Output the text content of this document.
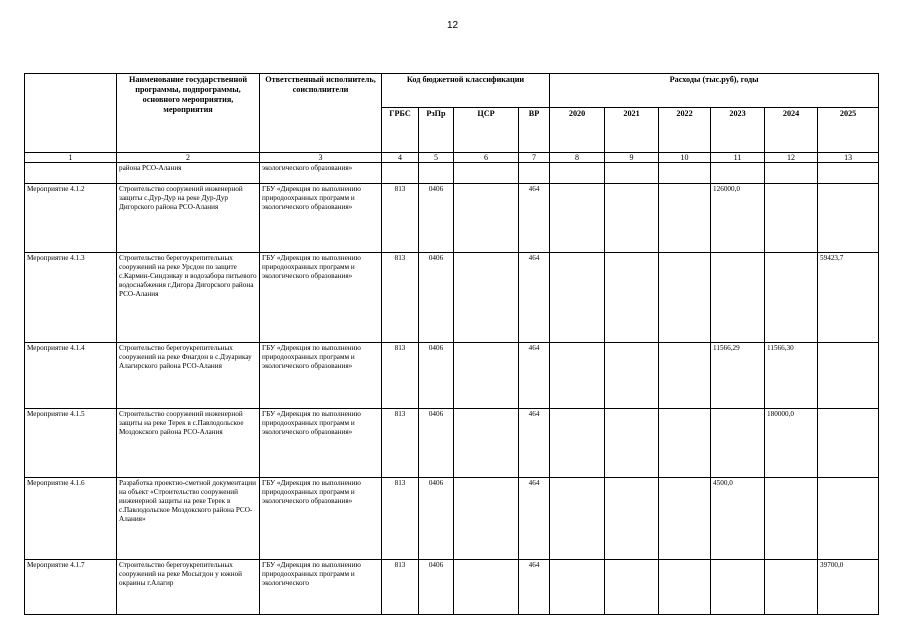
12
	Наименование государственной программы, подпрограммы, основного мероприятия, мероприятия	Ответственный исполнитель, соисполнители	Код бюджетной классификации				Расходы (тыс.руб), годы					
			ГРБС	РзПр	ЦСР	ВР	2020	2021	2022	2023	2024	2025
1	2	3	4	5	6	7	8	9	10	11	12	13
	района РСО-Алания	экологического образования»										
Мероприятие 4.1.2	Строительство сооружений инженерной защиты с.Дур-Дур на реке Дур-Дур Дигорского района РСО-Алания	ГБУ «Дирекция по выполнению природоохранных программ и экологического образования»	813	0406		464				126000,0		
Мероприятие 4.1.3	Строительство берегоукрепительных сооружений на реке Урсдон по защите с.Кармин-Синдзикау и водозабора питьевого водоснабжения г.Дигора Дигорского района РСО-Алания	ГБУ «Дирекция по выполнению природоохранных программ и экологического образования»	813	0406		464						59423,7
Мероприятие 4.1.4	Строительство берегоукрепительных сооружений на реке Фиагдон в с.Дзуарикау Алагирского района РСО-Алания	ГБУ «Дирекция по выполнению природоохранных программ и экологического образования»	813	0406		464				11566,29	11566,30	
Мероприятие 4.1.5	Строительство сооружений инженерной защиты на реке Терек в с.Павлодольское Моздокского района РСО-Алания	ГБУ «Дирекция по выполнению природоохранных программ и экологического образования»	813	0406		464					180000,0	
Мероприятие 4.1.6	Разработка проектно-сметной документации на объект «Строительство сооружений инженерной защиты на реке Терек в с.Павлодольское Моздокского района РСО-Алания»	ГБУ «Дирекция по выполнению природоохранных программ и экологического образования»	813	0406		464				4500,0		
Мероприятие 4.1.7	Строительство берегоукрепительных сооружений на реке Мосыгдон у южной окраины г.Алагир	ГБУ «Дирекция по выполнению природоохранных программ и экологического	813	0406		464						39700,0
